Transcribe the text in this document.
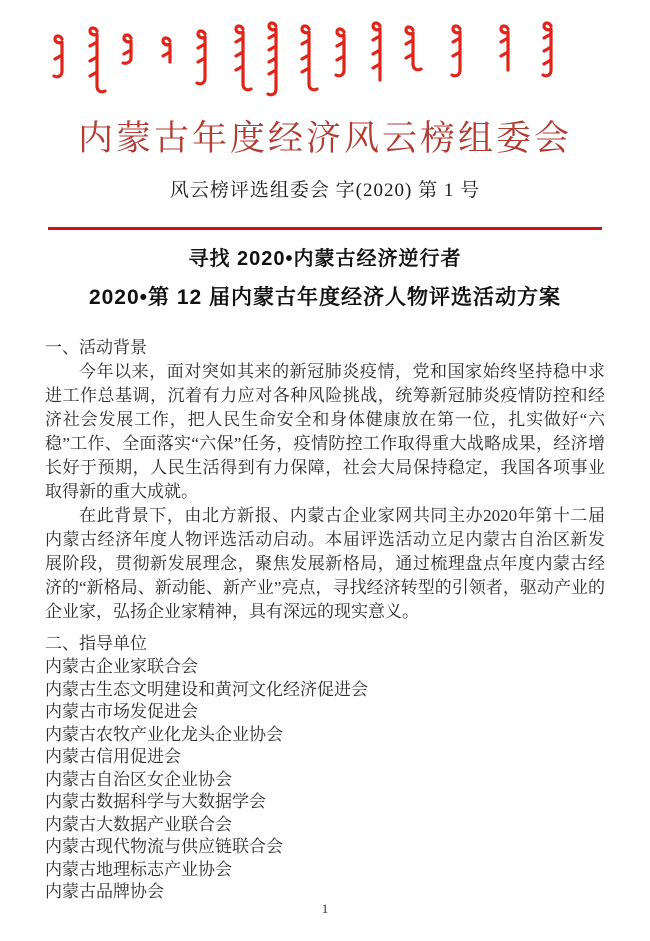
内蒙古年度经济风云榜组委会
风云榜评选组委会 字(2020) 第 1 号
寻找 2020•内蒙古经济逆行者
2020•第 12 届内蒙古年度经济人物评选活动方案
一、活动背景

今年以来，面对突如其来的新冠肺炎疫情，党和国家始终坚持稳中求进工作总基调，沉着有力应对各种风险挑战，统筹新冠肺炎疫情防控和经济社会发展工作，把人民生命安全和身体健康放在第一位，扎实做好“六稳”工作、全面落实“六保”任务，疫情防控工作取得重大战略成果，经济增长好于预期，人民生活得到有力保障，社会大局保持稳定，我国各项事业取得新的重大成就。

在此背景下，由北方新报、内蒙古企业家网共同主办2020年第十二届内蒙古经济年度人物评选活动启动。本届评选活动立足内蒙古自治区新发展阶段，贯彻新发展理念，聚焦发展新格局，通过梳理盘点年度内蒙古经济的“新格局、新动能、新产业”亮点，寻找经济转型的引领者，驱动产业的企业家，弘扬企业家精神，具有深远的现实意义。

二、指导单位
内蒙古企业家联合会
内蒙古生态文明建设和黄河文化经济促进会
内蒙古市场发促进会
内蒙古农牧产业化龙头企业协会
内蒙古信用促进会
内蒙古自治区女企业协会
内蒙古数据科学与大数据学会
内蒙古大数据产业联合会
内蒙古现代物流与供应链联合会
内蒙古地理标志产业协会
内蒙古品牌协会
1
